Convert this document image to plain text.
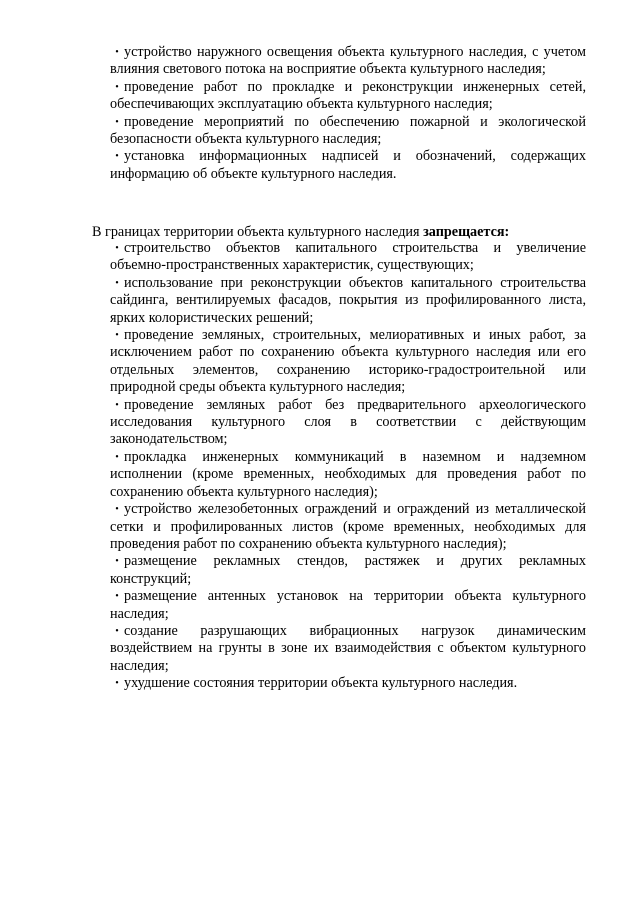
• устройство наружного освещения объекта культурного наследия, с учетом влияния светового потока на восприятие объекта культурного наследия;
• проведение работ по прокладке и реконструкции инженерных сетей, обеспечивающих эксплуатацию объекта культурного наследия;
• проведение мероприятий по обеспечению пожарной и экологической безопасности объекта культурного наследия;
• установка информационных надписей и обозначений, содержащих информацию об объекте культурного наследия.
В границах территории объекта культурного наследия запрещается:
• строительство объектов капитального строительства и увеличение объемно-пространственных характеристик, существующих;
• использование при реконструкции объектов капитального строительства сайдинга, вентилируемых фасадов, покрытия из профилированного листа, ярких колористических решений;
• проведение земляных, строительных, мелиоративных и иных работ, за исключением работ по сохранению объекта культурного наследия или его отдельных элементов, сохранению историко-градостроительной или природной среды объекта культурного наследия;
• проведение земляных работ без предварительного археологического исследования культурного слоя в соответствии с действующим законодательством;
• прокладка инженерных коммуникаций в наземном и надземном исполнении (кроме временных, необходимых для проведения работ по сохранению объекта культурного наследия);
• устройство железобетонных ограждений и ограждений из металлической сетки и профилированных листов (кроме временных, необходимых для проведения работ по сохранению объекта культурного наследия);
• размещение рекламных стендов, растяжек и других рекламных конструкций;
• размещение антенных установок на территории объекта культурного наследия;
• создание разрушающих вибрационных нагрузок динамическим воздействием на грунты в зоне их взаимодействия с объектом культурного наследия;
• ухудшение состояния территории объекта культурного наследия.
